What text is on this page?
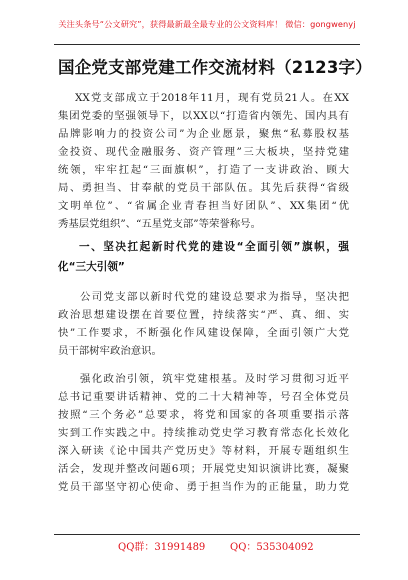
关注头条号“公文研究”，获得最新最全最专业的公文资料库！ 微信：gongwenyj
国企党支部党建工作交流材料（2123字）
XX党支部成立于2018年11月，现有党员21人。在XX
集团党委的坚强领导下，以XX以“打造省内领先、国内具有
品牌影响力的投资公司”为企业愿景，聚焦“私募股权基
金投资、现代金融服务、资产管理”三大板块，坚持党建
统领，牢牢扛起“三面旗帜”，打造了一支讲政治、顾大
局、勇担当、甘奉献的党员干部队伍。其先后获得“省级
文明单位”、“省属企业青春担当好团队”、XX集团“优
秀基层党组织”、“五星党支部”等荣誉称号。
一、坚决扛起新时代党的建设“全面引领”旗帜，强
化“三大引领”
公司党支部以新时代党的建设总要求为指导，坚决把
政治思想建设摆在首要位置，持续落实“严、真、细、实
快”工作要求，不断强化作风建设保障，全面引领广大党
员干部树牢政治意识。
强化政治引领，筑牢党建根基。及时学习贯彻习近平
总书记重要讲话精神、党的二十大精神等，号召全体党员
按照“三个务必”总要求，将党和国家的各项重要指示落
实到工作实践之中。持续推动党史学习教育常态化长效化
深入研读《论中国共产党历史》等材料，开展专题组织生
活会，发现并整改问题6项；开展党史知识演讲比赛，凝聚
党员干部坚守初心使命、勇于担当作为的正能量，助力党
QQ群：31991489 QQ：535304092
